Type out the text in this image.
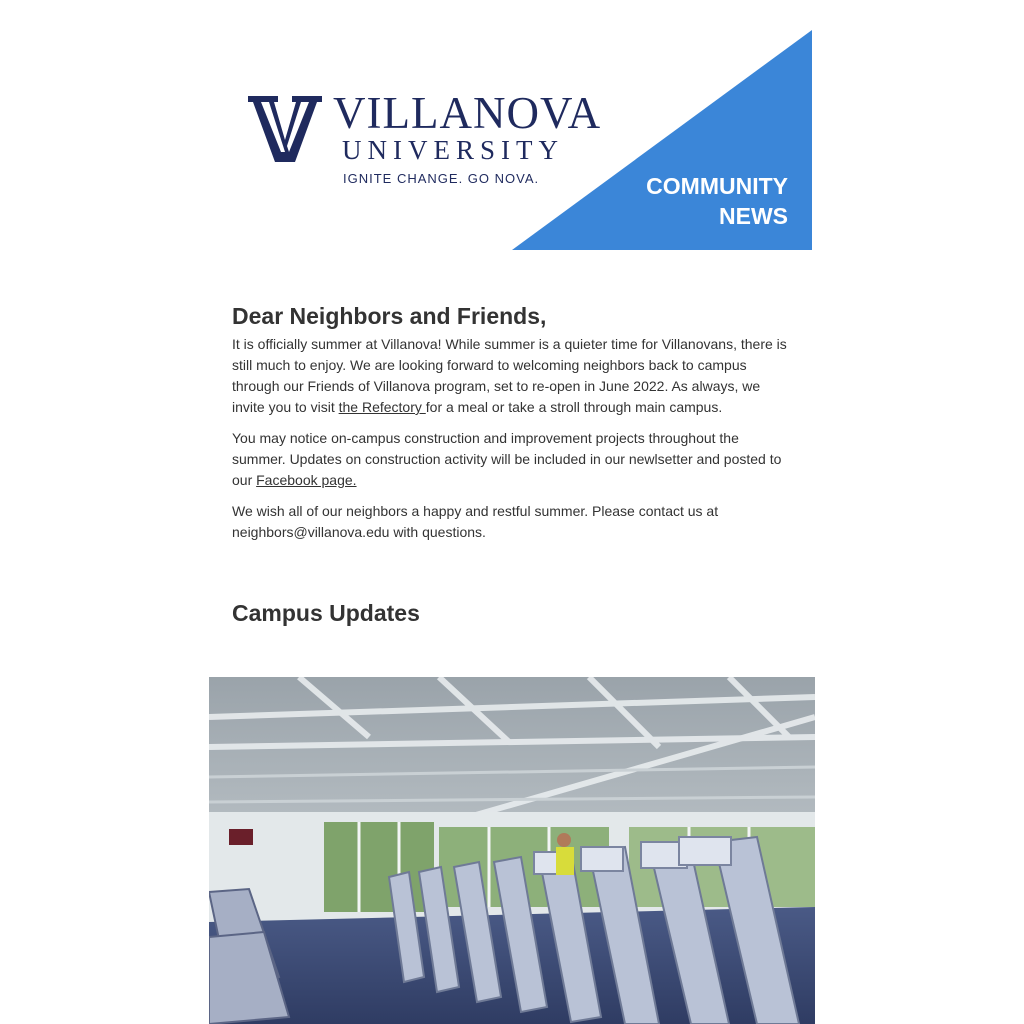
VILLANOVA
UNIVERSITY
IGNITE CHANGE. GO NOVA.	COMMUNITY
NEWS
Dear Neighbors and Friends,

It is officially summer at Villanova! While summer is a quieter time for Villanovans, there is still much to enjoy. We are looking forward to welcoming neighbors back to campus through our Friends of Villanova program, set to re-open in June 2022. As always, we invite you to visit the Refectory for a meal or take a stroll through main campus.

You may notice on-campus construction and improvement projects throughout the summer. Updates on construction activity will be included in our newlsetter and posted to our Facebook page.

We wish all of our neighbors a happy and restful summer. Please contact us at neighbors@villanova.edu with questions.

Campus Updates
